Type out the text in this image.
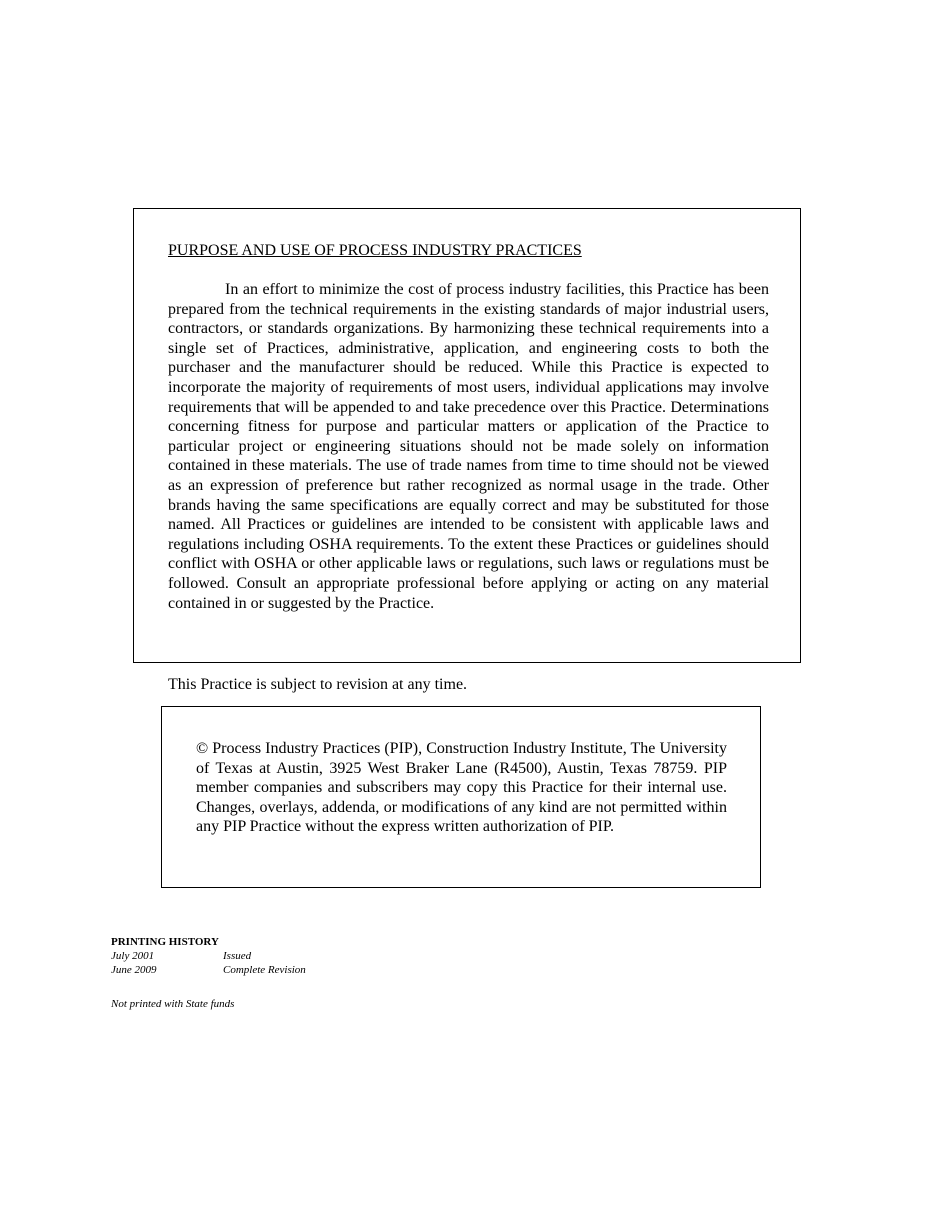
PURPOSE AND USE OF PROCESS INDUSTRY PRACTICES

In an effort to minimize the cost of process industry facilities, this Practice has been prepared from the technical requirements in the existing standards of major industrial users, contractors, or standards organizations. By harmonizing these technical requirements into a single set of Practices, administrative, application, and engineering costs to both the purchaser and the manufacturer should be reduced. While this Practice is expected to incorporate the majority of requirements of most users, individual applications may involve requirements that will be appended to and take precedence over this Practice. Determinations concerning fitness for purpose and particular matters or application of the Practice to particular project or engineering situations should not be made solely on information contained in these materials. The use of trade names from time to time should not be viewed as an expression of preference but rather recognized as normal usage in the trade. Other brands having the same specifications are equally correct and may be substituted for those named. All Practices or guidelines are intended to be consistent with applicable laws and regulations including OSHA requirements. To the extent these Practices or guidelines should conflict with OSHA or other applicable laws or regulations, such laws or regulations must be followed. Consult an appropriate professional before applying or acting on any material contained in or suggested by the Practice.

This Practice is subject to revision at any time.

© Process Industry Practices (PIP), Construction Industry Institute, The University of Texas at Austin, 3925 West Braker Lane (R4500), Austin, Texas 78759. PIP member companies and subscribers may copy this Practice for their internal use. Changes, overlays, addenda, or modifications of any kind are not permitted within any PIP Practice without the express written authorization of PIP.

PRINTING HISTORY

July 2001	Issued
June 2009	Complete Revision

Not printed with State funds
